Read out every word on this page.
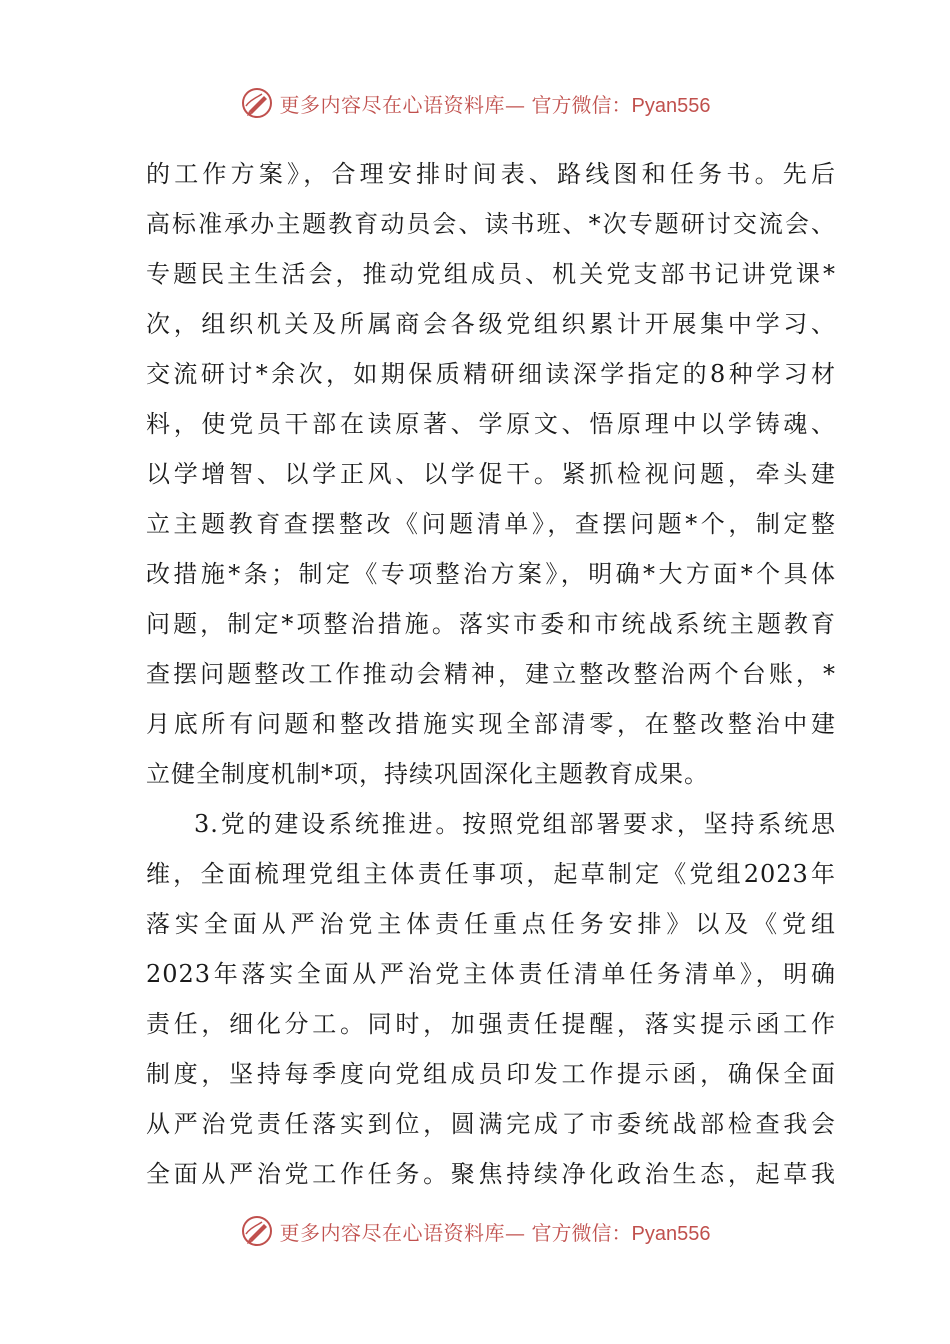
更多内容尽在心语资料库— 官方微信：Pyan556
的工作方案》，合理安排时间表、路线图和任务书。先后
高标准承办主题教育动员会、读书班、*次专题研讨交流会、
专题民主生活会，推动党组成员、机关党支部书记讲党课*
次，组织机关及所属商会各级党组织累计开展集中学习、
交流研讨*余次，如期保质精研细读深学指定的8种学习材
料，使党员干部在读原著、学原文、悟原理中以学铸魂、
以学增智、以学正风、以学促干。紧抓检视问题，牵头建
立主题教育查摆整改《问题清单》，查摆问题*个，制定整
改措施*条；制定《专项整治方案》，明确*大方面*个具体
问题，制定*项整治措施。落实市委和市统战系统主题教育
查摆问题整改工作推动会精神，建立整改整治两个台账，*
月底所有问题和整改措施实现全部清零，在整改整治中建
立健全制度机制*项，持续巩固深化主题教育成果。
3.党的建设系统推进。按照党组部署要求，坚持系统思
维，全面梳理党组主体责任事项，起草制定《党组2023年
落实全面从严治党主体责任重点任务安排》以及《党组
2023年落实全面从严治党主体责任清单任务清单》，明确
责任，细化分工。同时，加强责任提醒，落实提示函工作
制度，坚持每季度向党组成员印发工作提示函，确保全面
从严治党责任落实到位，圆满完成了市委统战部检查我会
全面从严治党工作任务。聚焦持续净化政治生态，起草我
更多内容尽在心语资料库— 官方微信：Pyan556
